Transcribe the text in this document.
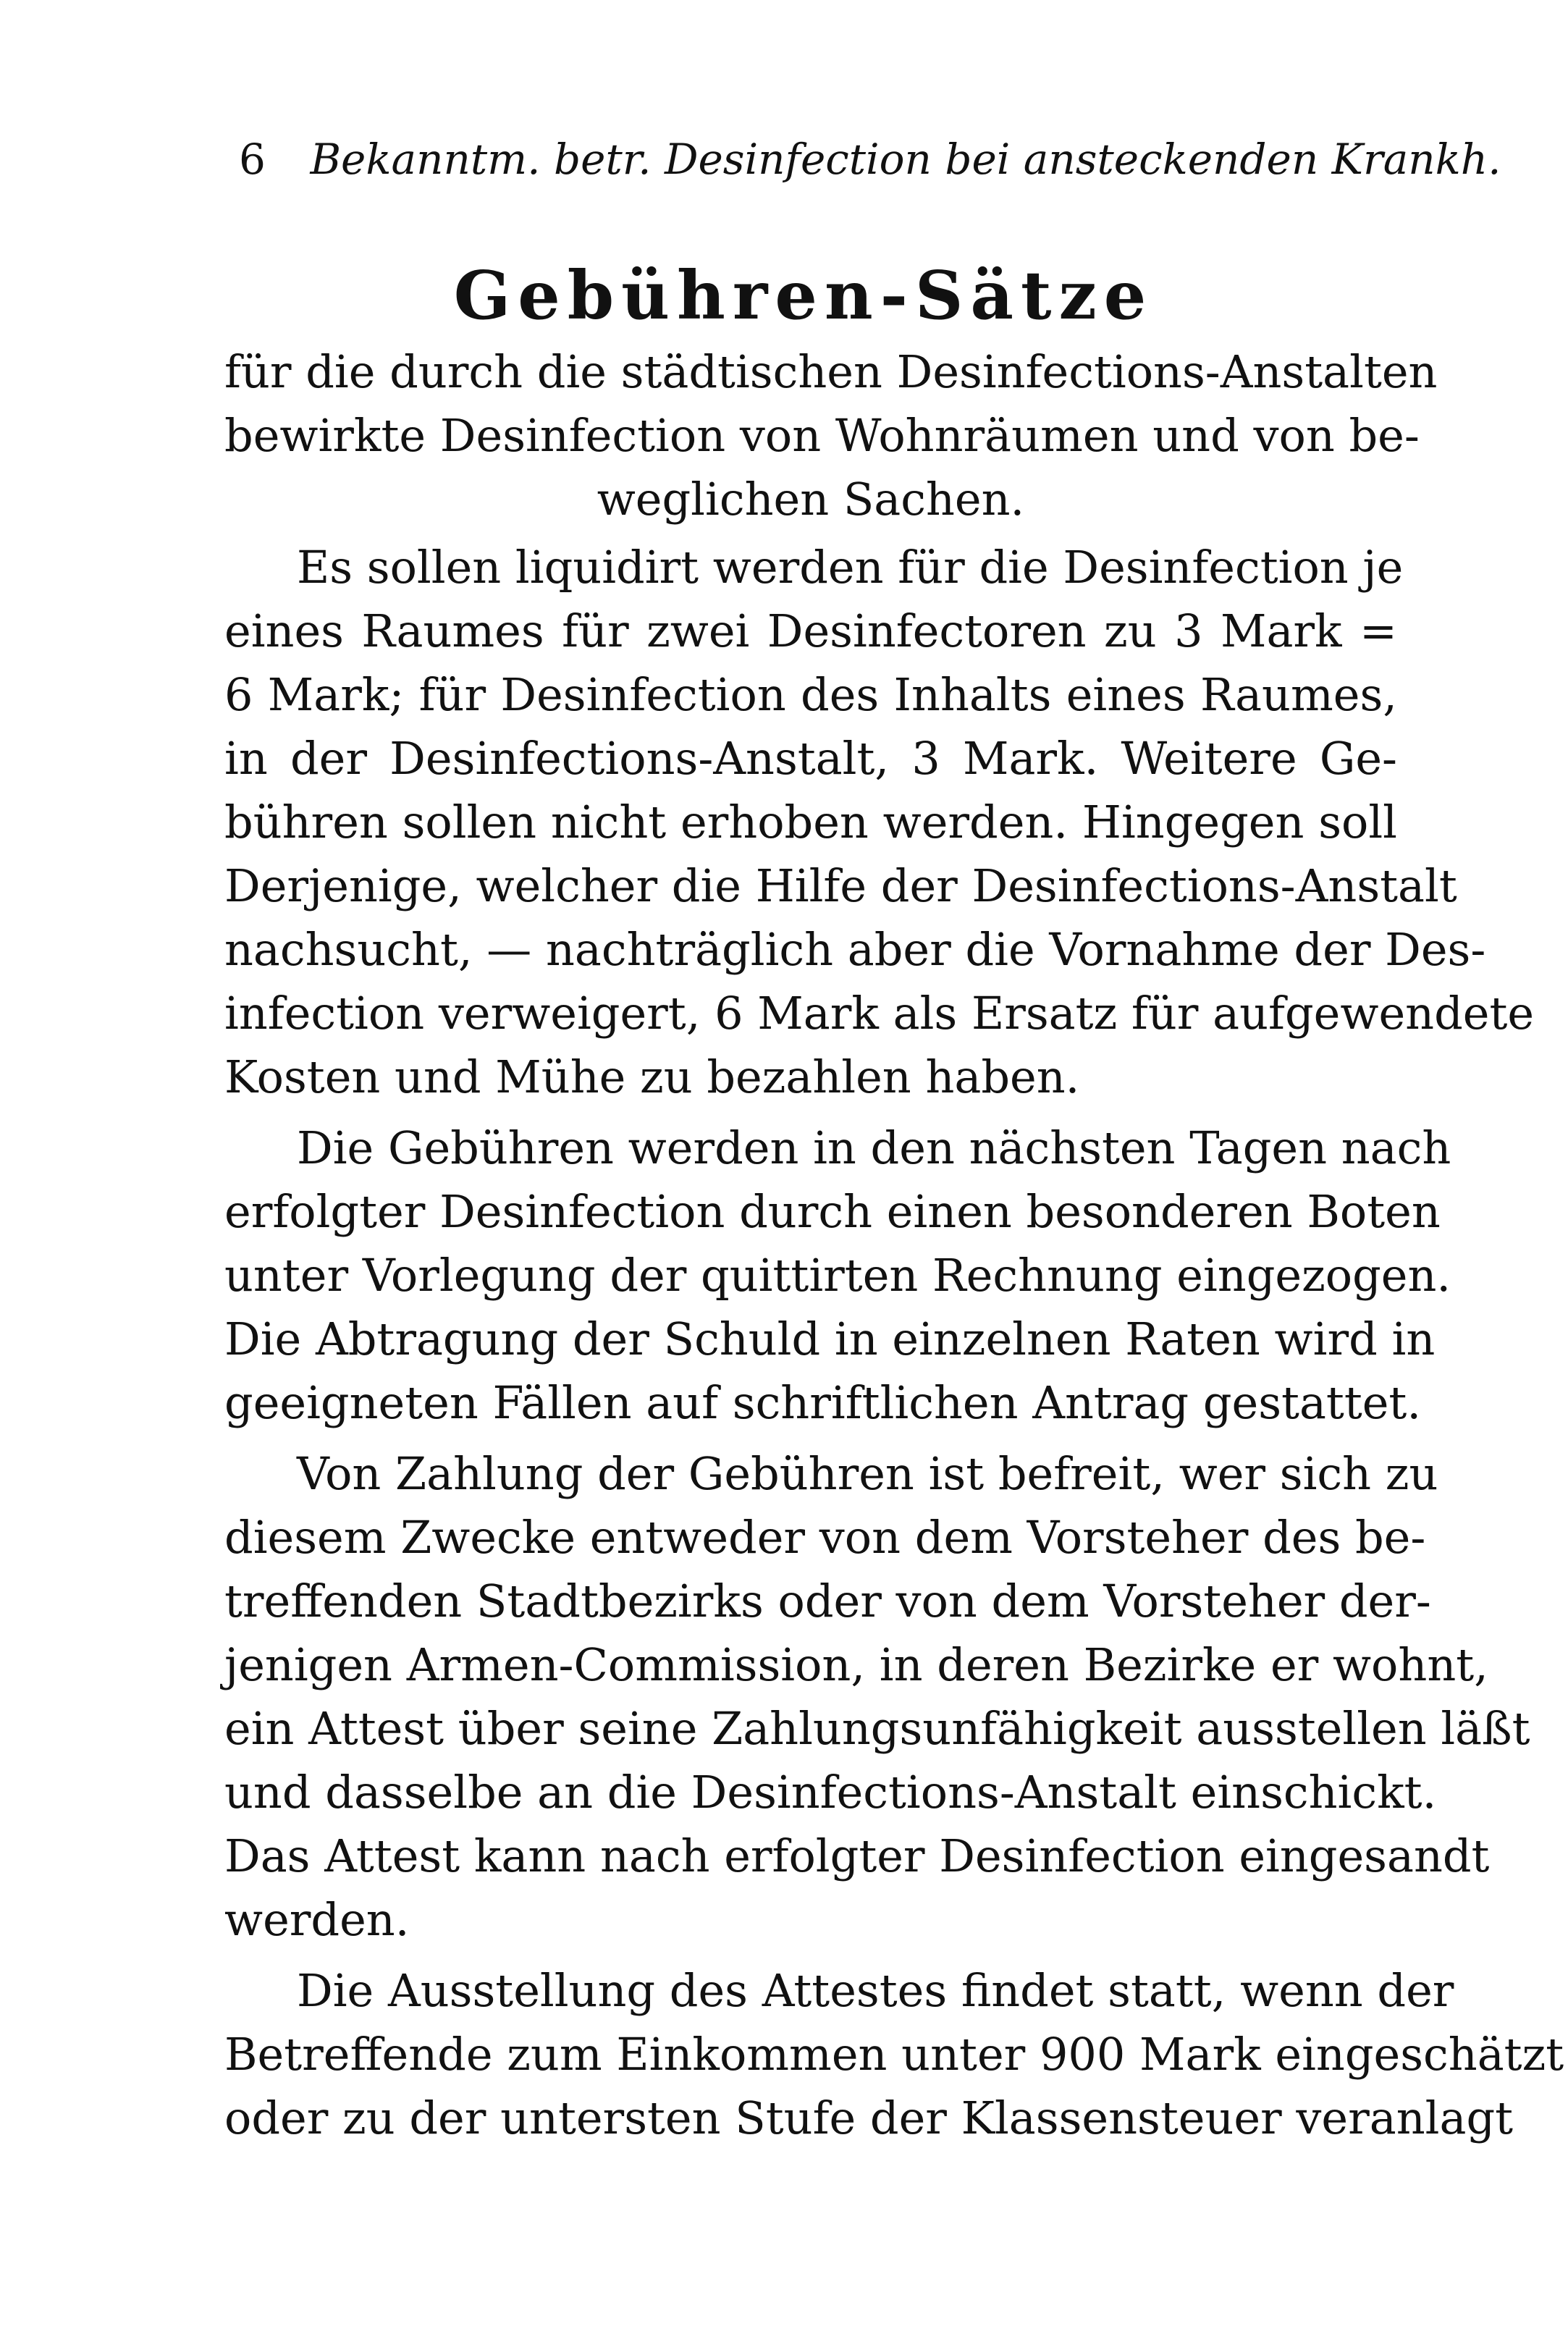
6 Bekanntm. betr. Desinfection bei ansteckenden Krankh.
Gebühren-Sätze
für die durch die städtischen Desinfections-Anstalten
bewirkte Desinfection von Wohnräumen und von be-
weglichen Sachen.
Es sollen liquidirt werden für die Desinfection je
eines Raumes für zwei Desinfectoren zu 3 Mark =
6 Mark; für Desinfection des Inhalts eines Raumes,
in der Desinfections-Anstalt, 3 Mark. Weitere Ge-
bühren sollen nicht erhoben werden. Hingegen soll
Derjenige, welcher die Hilfe der Desinfections-Anstalt
nachsucht, — nachträglich aber die Vornahme der Des-
infection verweigert, 6 Mark als Ersatz für aufgewendete
Kosten und Mühe zu bezahlen haben.
Die Gebühren werden in den nächsten Tagen nach
erfolgter Desinfection durch einen besonderen Boten
unter Vorlegung der quittirten Rechnung eingezogen.
Die Abtragung der Schuld in einzelnen Raten wird in
geeigneten Fällen auf schriftlichen Antrag gestattet.
Von Zahlung der Gebühren ist befreit, wer sich zu
diesem Zwecke entweder von dem Vorsteher des be-
treffenden Stadtbezirks oder von dem Vorsteher der-
jenigen Armen-Commission, in deren Bezirke er wohnt,
ein Attest über seine Zahlungsunfähigkeit ausstellen läßt
und dasselbe an die Desinfections-Anstalt einschickt.
Das Attest kann nach erfolgter Desinfection eingesandt
werden.
Die Ausstellung des Attestes findet statt, wenn der
Betreffende zum Einkommen unter 900 Mark eingeschätzt
oder zu der untersten Stufe der Klassensteuer veranlagt
